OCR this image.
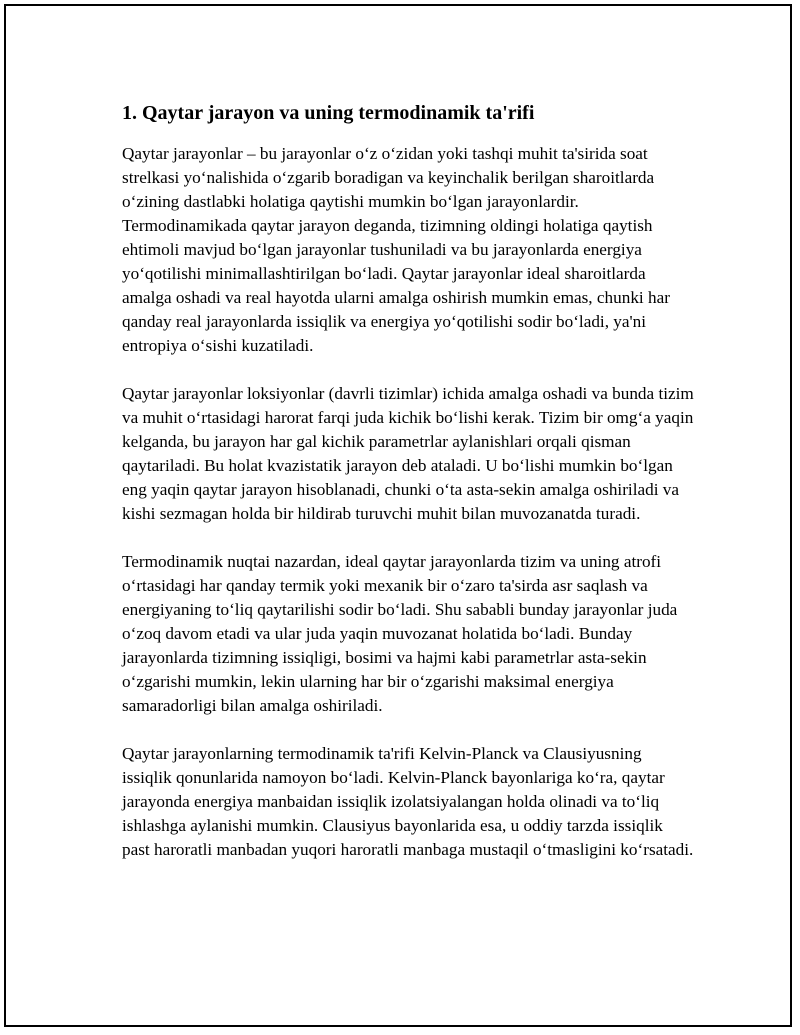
1. Qaytar jarayon va uning termodinamik ta'rifi

Qaytar jarayonlar – bu jarayonlar o‘z o‘zidan yoki tashqi muhit ta'sirida soat strelkasi yo‘nalishida o‘zgarib boradigan va keyinchalik berilgan sharoitlarda o‘zining dastlabki holatiga qaytishi mumkin bo‘lgan jarayonlardir. Termodinamikada qaytar jarayon deganda, tizimning oldingi holatiga qaytish ehtimoli mavjud bo‘lgan jarayonlar tushuniladi va bu jarayonlarda energiya yo‘qotilishi minimallashtirilgan bo‘ladi. Qaytar jarayonlar ideal sharoitlarda amalga oshadi va real hayotda ularni amalga oshirish mumkin emas, chunki har qanday real jarayonlarda issiqlik va energiya yo‘qotilishi sodir bo‘ladi, ya'ni entropiya o‘sishi kuzatiladi.

Qaytar jarayonlar loksiyonlar (davrli tizimlar) ichida amalga oshadi va bunda tizim va muhit o‘rtasidagi harorat farqi juda kichik bo‘lishi kerak. Tizim bir omg‘a yaqin kelganda, bu jarayon har gal kichik parametrlar aylanishlari orqali qisman qaytariladi. Bu holat kvazistatik jarayon deb ataladi. U bo‘lishi mumkin bo‘lgan eng yaqin qaytar jarayon hisoblanadi, chunki o‘ta asta-sekin amalga oshiriladi va kishi sezmagan holda bir hildirab turuvchi muhit bilan muvozanatda turadi.

Termodinamik nuqtai nazardan, ideal qaytar jarayonlarda tizim va uning atrofi o‘rtasidagi har qanday termik yoki mexanik bir o‘zaro ta'sirda asr saqlash va energiyaning to‘liq qaytarilishi sodir bo‘ladi. Shu sababli bunday jarayonlar juda o‘zoq davom etadi va ular juda yaqin muvozanat holatida bo‘ladi. Bunday jarayonlarda tizimning issiqligi, bosimi va hajmi kabi parametrlar asta-sekin o‘zgarishi mumkin, lekin ularning har bir o‘zgarishi maksimal energiya samaradorligi bilan amalga oshiriladi.

Qaytar jarayonlarning termodinamik ta'rifi Kelvin-Planck va Clausiyusning issiqlik qonunlarida namoyon bo‘ladi. Kelvin-Planck bayonlariga ko‘ra, qaytar jarayonda energiya manbaidan issiqlik izolatsiyalangan holda olinadi va to‘liq ishlashga aylanishi mumkin. Clausiyus bayonlarida esa, u oddiy tarzda issiqlik past haroratli manbadan yuqori haroratli manbaga mustaqil o‘tmasligini ko‘rsatadi.
